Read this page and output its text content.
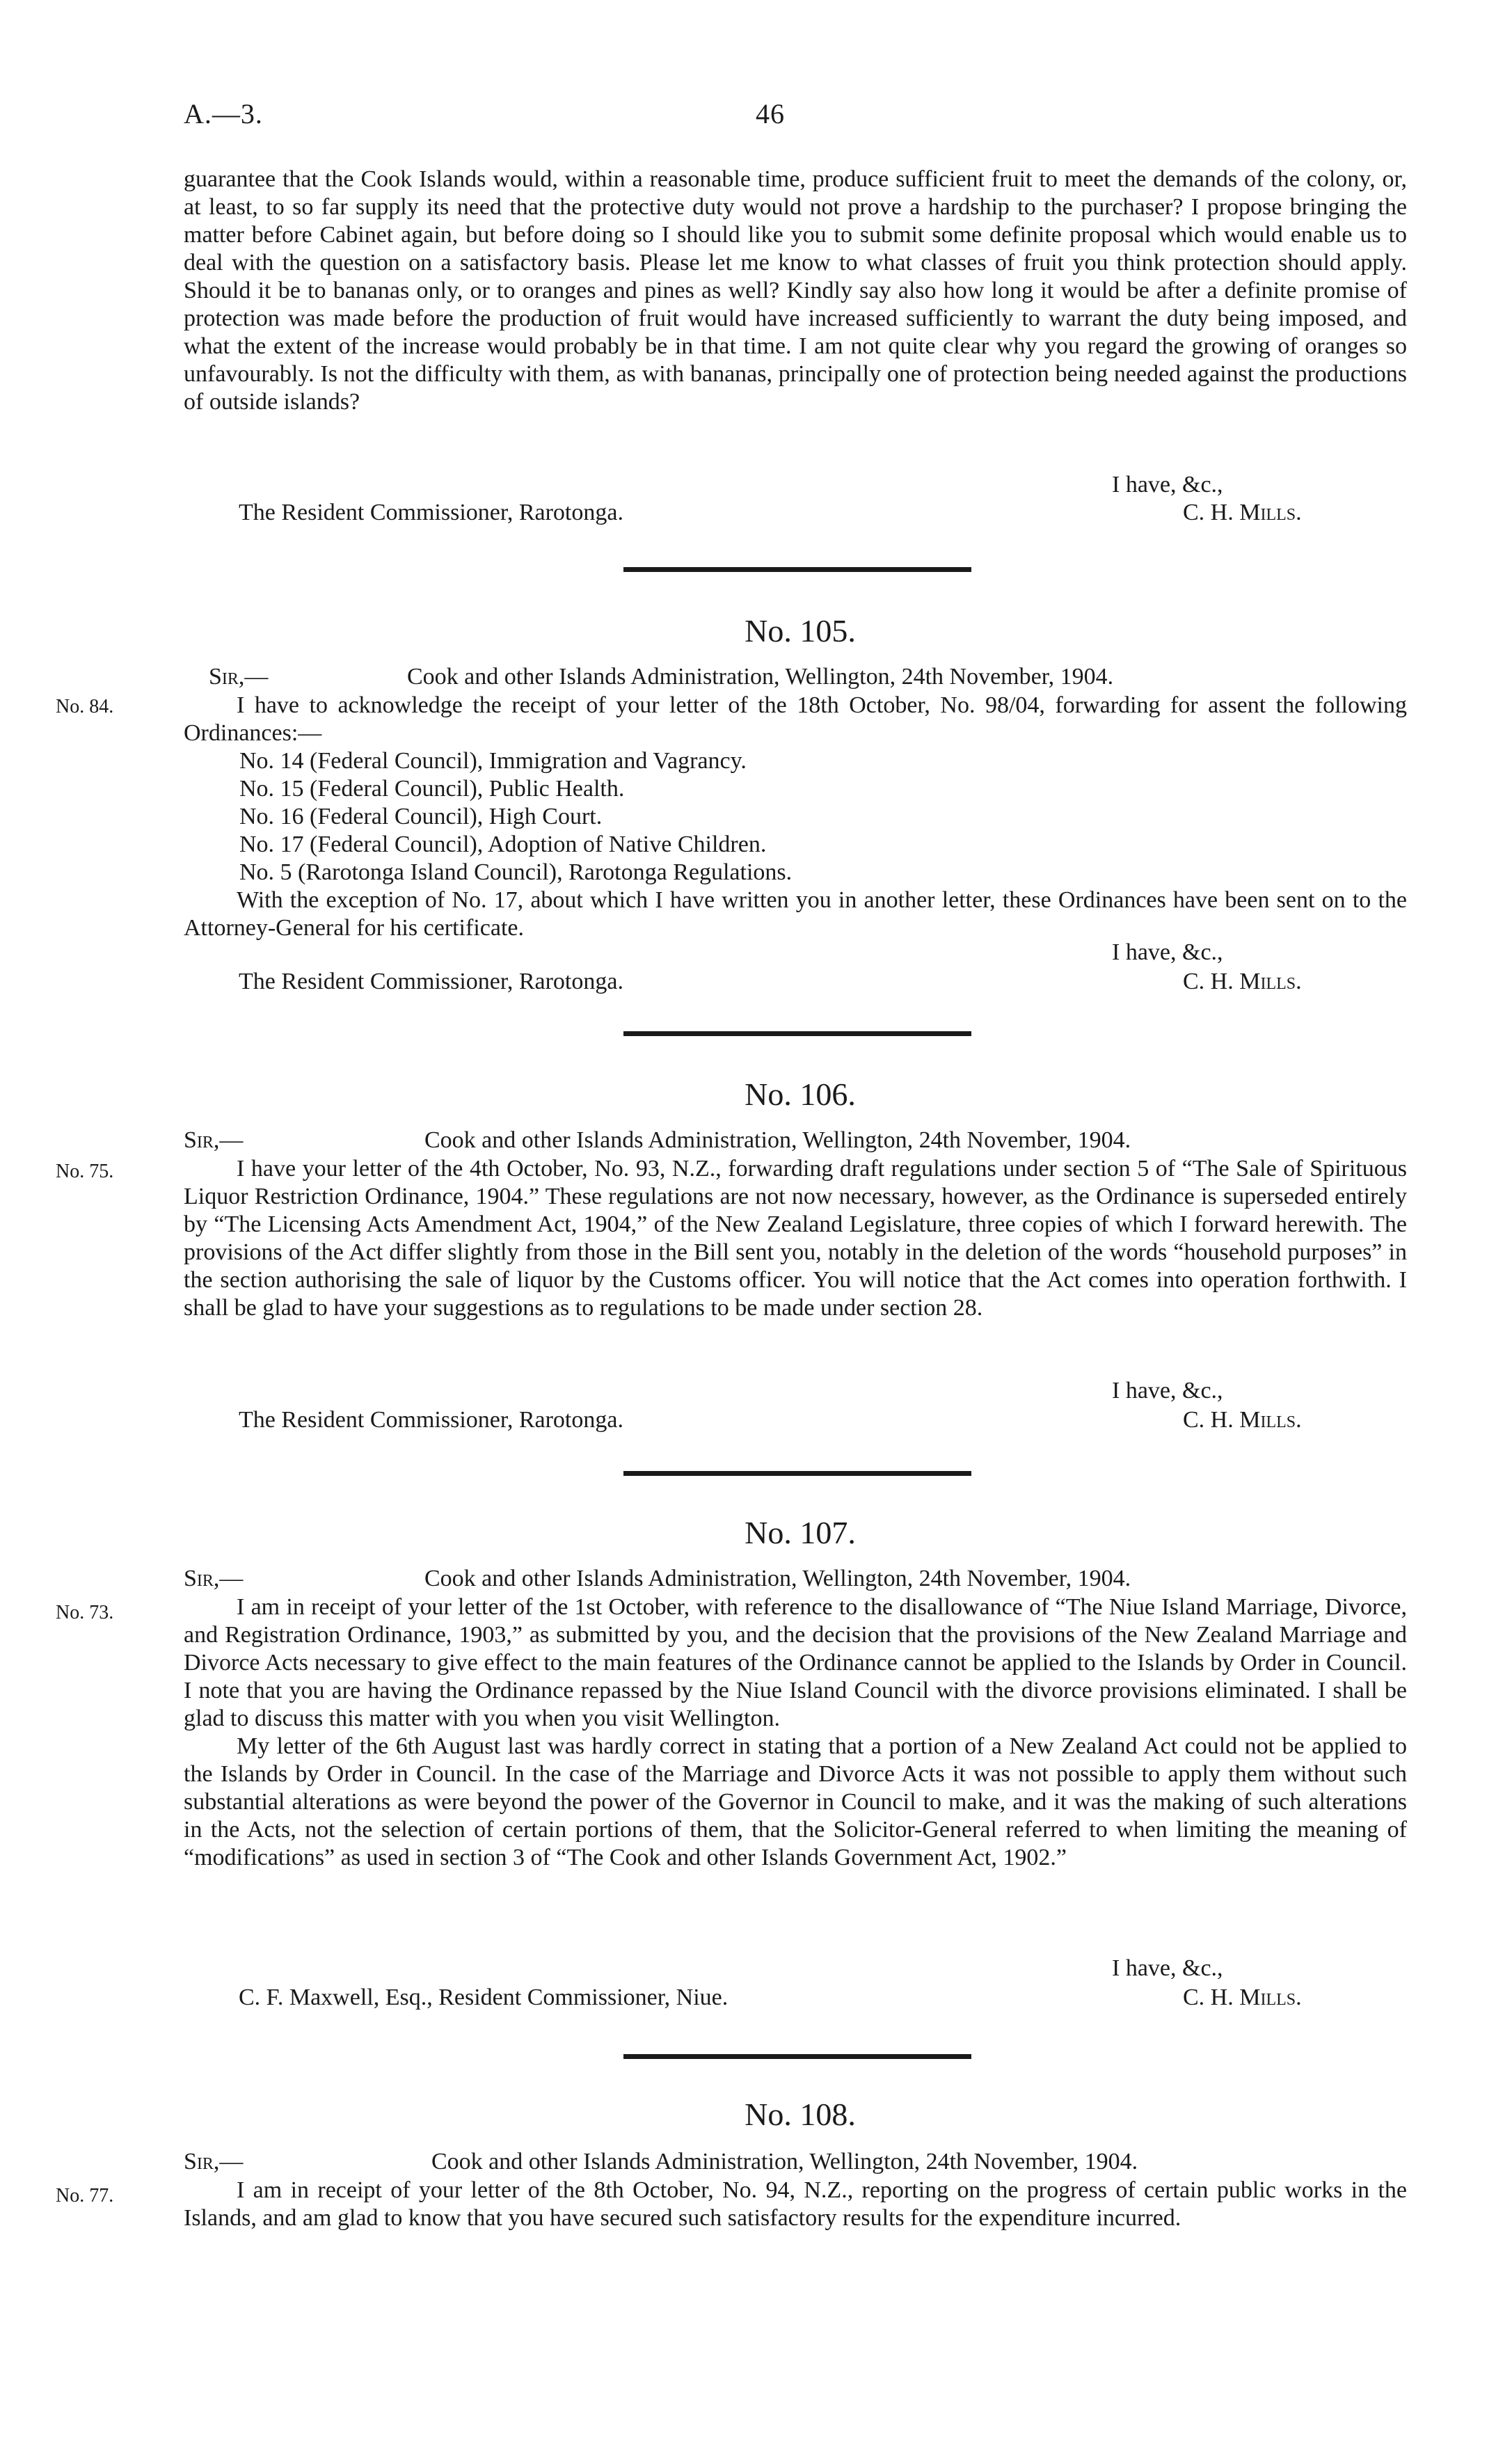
A.—3.	46

guarantee that the Cook Islands would, within a reasonable time, produce sufficient fruit to meet the demands of the colony, or, at least, to so far supply its need that the protective duty would not prove a hardship to the purchaser? I propose bringing the matter before Cabinet again, but before doing so I should like you to submit some definite proposal which would enable us to deal with the question on a satisfactory basis. Please let me know to what classes of fruit you think protection should apply. Should it be to bananas only, or to oranges and pines as well? Kindly say also how long it would be after a definite promise of protection was made before the production of fruit would have increased sufficiently to warrant the duty being imposed, and what the extent of the increase would probably be in that time. I am not quite clear why you regard the growing of oranges so unfavourably. Is not the difficulty with them, as with bananas, principally one of protection being needed against the productions of outside islands?

I have, &c.,
The Resident Commissioner, Rarotonga.	C. H. Mills.
No. 105.
No. 84.
Sir,—	Cook and other Islands Administration, Wellington, 24th November, 1904.

I have to acknowledge the receipt of your letter of the 18th October, No. 98/04, forwarding for assent the following Ordinances:—

No. 14 (Federal Council), Immigration and Vagrancy.

No. 15 (Federal Council), Public Health.

No. 16 (Federal Council), High Court.

No. 17 (Federal Council), Adoption of Native Children.

No. 5 (Rarotonga Island Council), Rarotonga Regulations.

With the exception of No. 17, about which I have written you in another letter, these Ordinances have been sent on to the Attorney-General for his certificate.

I have, &c.,
The Resident Commissioner, Rarotonga.	C. H. Mills.
No. 106.
No. 75.
Sir,—	Cook and other Islands Administration, Wellington, 24th November, 1904.

I have your letter of the 4th October, No. 93, N.Z., forwarding draft regulations under section 5 of “The Sale of Spirituous Liquor Restriction Ordinance, 1904.” These regulations are not now necessary, however, as the Ordinance is superseded entirely by “The Licensing Acts Amendment Act, 1904,” of the New Zealand Legislature, three copies of which I forward herewith. The provisions of the Act differ slightly from those in the Bill sent you, notably in the deletion of the words “household purposes” in the section authorising the sale of liquor by the Customs officer. You will notice that the Act comes into operation forthwith. I shall be glad to have your suggestions as to regulations to be made under section 28.

I have, &c.,
The Resident Commissioner, Rarotonga.	C. H. Mills.
No. 107.
No. 73.
Sir,—	Cook and other Islands Administration, Wellington, 24th November, 1904.

I am in receipt of your letter of the 1st October, with reference to the disallowance of “The Niue Island Marriage, Divorce, and Registration Ordinance, 1903,” as submitted by you, and the decision that the provisions of the New Zealand Marriage and Divorce Acts necessary to give effect to the main features of the Ordinance cannot be applied to the Islands by Order in Council. I note that you are having the Ordinance repassed by the Niue Island Council with the divorce provisions eliminated. I shall be glad to discuss this matter with you when you visit Wellington.

My letter of the 6th August last was hardly correct in stating that a portion of a New Zealand Act could not be applied to the Islands by Order in Council. In the case of the Marriage and Divorce Acts it was not possible to apply them without such substantial alterations as were beyond the power of the Governor in Council to make, and it was the making of such alterations in the Acts, not the selection of certain portions of them, that the Solicitor-General referred to when limiting the meaning of “modifications” as used in section 3 of “The Cook and other Islands Government Act, 1902.”

I have, &c.,
C. F. Maxwell, Esq., Resident Commissioner, Niue.	C. H. Mills.
No. 108.
No. 77.
Sir,—	Cook and other Islands Administration, Wellington, 24th November, 1904.

I am in receipt of your letter of the 8th October, No. 94, N.Z., reporting on the progress of certain public works in the Islands, and am glad to know that you have secured such satisfactory results for the expenditure incurred.
